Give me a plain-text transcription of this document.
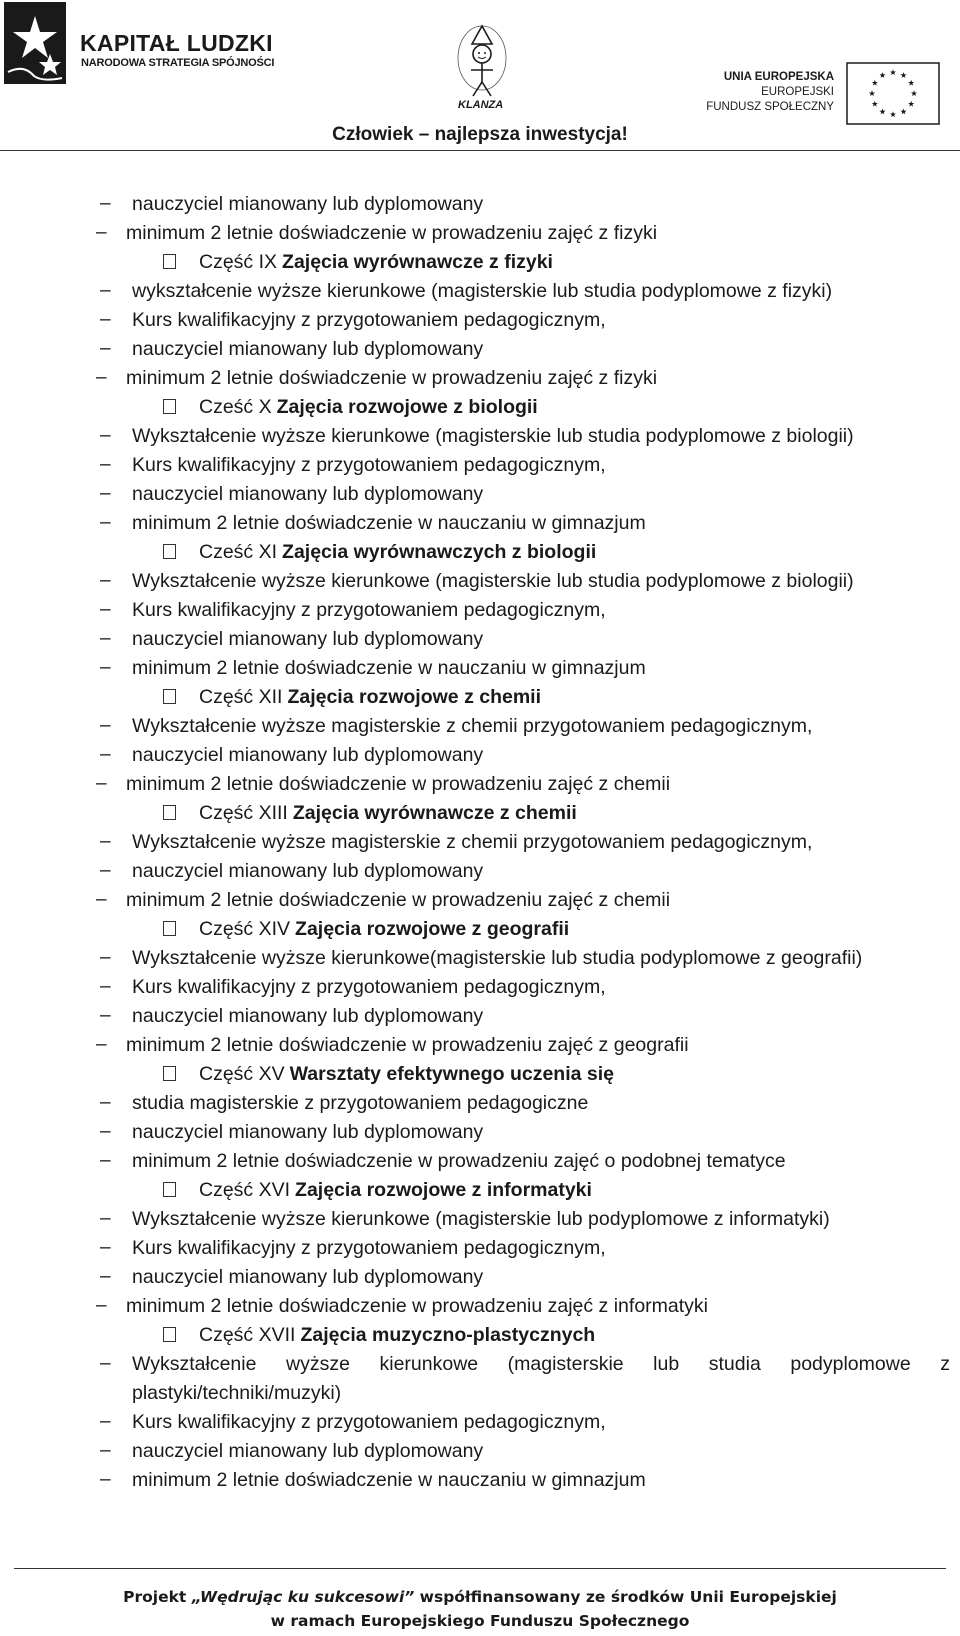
KAPITAŁ LUDZKI
NARODOWA STRATEGIA SPÓJNOŚCI
KLANZA
UNIA EUROPEJSKA
EUROPEJSKI
FUNDUSZ SPOŁECZNY
Człowiek – najlepsza inwestycja!
– nauczyciel mianowany lub dyplomowany
– minimum 2 letnie doświadczenie w prowadzeniu zajęć z fizyki
Część IX Zajęcia wyrównawcze z fizyki
– wykształcenie wyższe kierunkowe (magisterskie lub studia podyplomowe z fizyki)
– Kurs kwalifikacyjny z przygotowaniem pedagogicznym,
– nauczyciel mianowany lub dyplomowany
– minimum 2 letnie doświadczenie w prowadzeniu zajęć z fizyki
Cześć X Zajęcia rozwojowe z biologii
– Wykształcenie wyższe kierunkowe (magisterskie lub studia podyplomowe z biologii)
– Kurs kwalifikacyjny z przygotowaniem pedagogicznym,
– nauczyciel mianowany lub dyplomowany
– minimum 2 letnie doświadczenie w nauczaniu w gimnazjum
Cześć XI Zajęcia wyrównawczych z biologii
– Wykształcenie wyższe kierunkowe (magisterskie lub studia podyplomowe z biologii)
– Kurs kwalifikacyjny z przygotowaniem pedagogicznym,
– nauczyciel mianowany lub dyplomowany
– minimum 2 letnie doświadczenie w nauczaniu w gimnazjum
Część XII Zajęcia rozwojowe z chemii
– Wykształcenie wyższe magisterskie z chemii przygotowaniem pedagogicznym,
– nauczyciel mianowany lub dyplomowany
– minimum 2 letnie doświadczenie w prowadzeniu zajęć z chemii
Część XIII Zajęcia wyrównawcze z chemii
– Wykształcenie wyższe magisterskie z chemii przygotowaniem pedagogicznym,
– nauczyciel mianowany lub dyplomowany
– minimum 2 letnie doświadczenie w prowadzeniu zajęć z chemii
Część XIV Zajęcia rozwojowe z geografii
– Wykształcenie wyższe kierunkowe(magisterskie lub studia podyplomowe z geografii)
– Kurs kwalifikacyjny z przygotowaniem pedagogicznym,
– nauczyciel mianowany lub dyplomowany
– minimum 2 letnie doświadczenie w prowadzeniu zajęć z geografii
Część XV Warsztaty efektywnego uczenia się
– studia magisterskie z przygotowaniem pedagogiczne
– nauczyciel mianowany lub dyplomowany
– minimum 2 letnie doświadczenie w prowadzeniu zajęć o podobnej tematyce
Część XVI Zajęcia rozwojowe z informatyki
– Wykształcenie wyższe kierunkowe (magisterskie lub podyplomowe z informatyki)
– Kurs kwalifikacyjny z przygotowaniem pedagogicznym,
– nauczyciel mianowany lub dyplomowany
– minimum 2 letnie doświadczenie w prowadzeniu zajęć z informatyki
Część XVII Zajęcia muzyczno-plastycznych
– Wykształcenie wyższe kierunkowe (magisterskie lub studia podyplomowe z
plastyki/techniki/muzyki)
– Kurs kwalifikacyjny z przygotowaniem pedagogicznym,
– nauczyciel mianowany lub dyplomowany
– minimum 2 letnie doświadczenie w nauczaniu w gimnazjum
Projekt „Wędrując ku sukcesowi” współfinansowany ze środków Unii Europejskiej
w ramach Europejskiego Funduszu Społecznego
